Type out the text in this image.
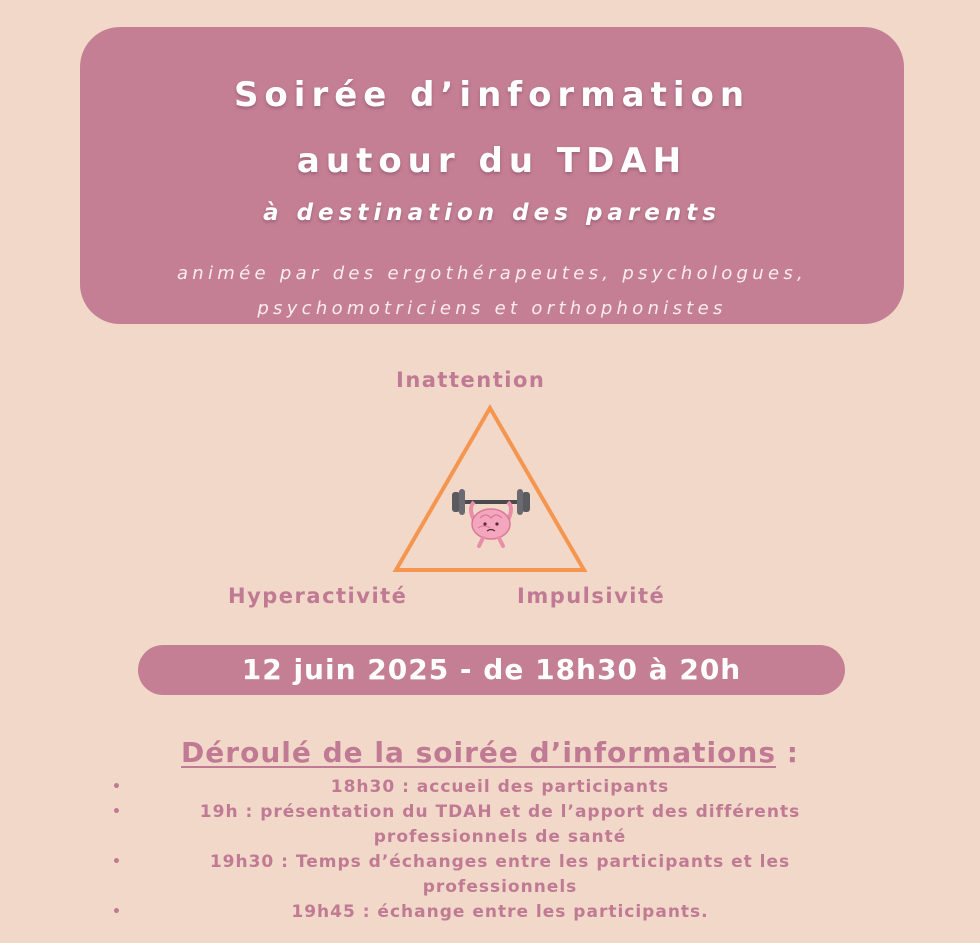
Soirée d’information
autour du TDAH
à destination des parents
animée par des ergothérapeutes, psychologues,
psychomotriciens et orthophonistes
Inattention
Hyperactivité	Impulsivité
12 juin 2025 - de 18h30 à 20h
Déroulé de la soirée d’informations :
•	18h30 : accueil des participants
•	19h : présentation du TDAH et de l’apport des différents professionnels de santé
•	19h30 : Temps d’échanges entre les participants et les professionnels
•	19h45 : échange entre les participants.
